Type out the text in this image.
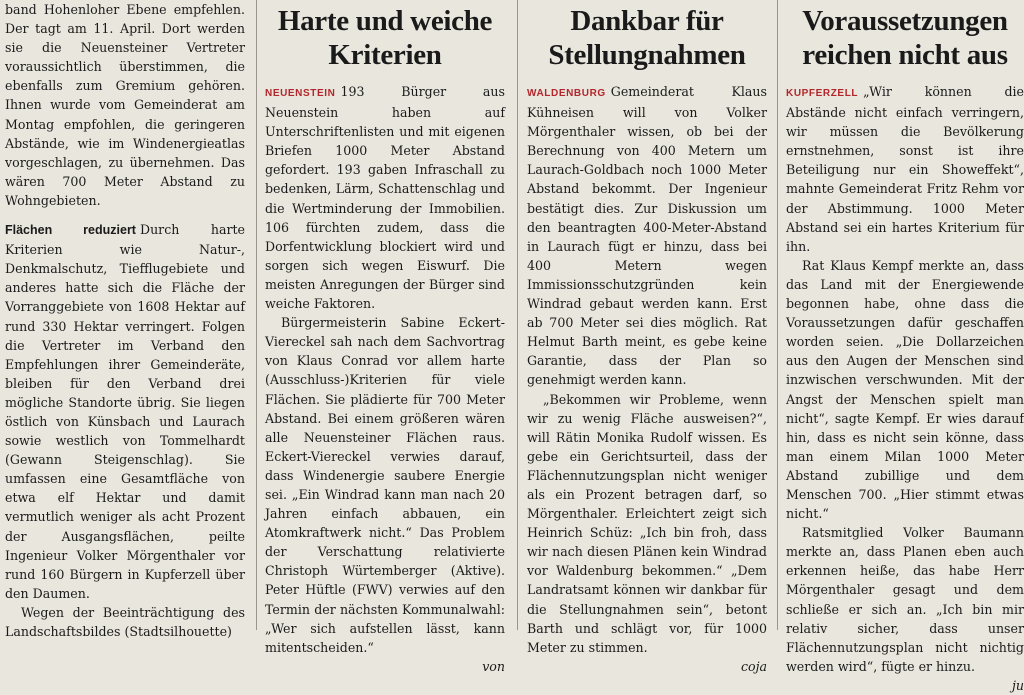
band Hohenloher Ebene empfehlen. Der tagt am 11. April. Dort werden sie die Neuensteiner Vertreter voraussichtlich überstimmen, die ebenfalls zum Gremium gehören. Ihnen wurde vom Gemeinderat am Montag empfohlen, die geringeren Abstände, wie im Windenergieatlas vorgeschlagen, zu übernehmen. Das wären 700 Meter Abstand zu Wohngebieten.

Flächen reduziert Durch harte Kriterien wie Natur-, Denkmalschutz, Tiefflugebiete und anderes hatte sich die Fläche der Vorranggebiete von 1608 Hektar auf rund 330 Hektar verringert. Folgen die Vertreter im Verband den Empfehlungen ihrer Gemeinderäte, bleiben für den Verband drei mögliche Standorte übrig. Sie liegen östlich von Künsbach und Laurach sowie westlich von Tommelhardt (Gewann Steigenschlag). Sie umfassen eine Gesamtfläche von etwa elf Hektar und damit vermutlich weniger als acht Prozent der Ausgangsflächen, peilte Ingenieur Volker Mörgenthaler vor rund 160 Bürgern in Kupferzell über den Daumen.

Wegen der Beeinträchtigung des Landschaftsbildes (Stadtsilhouette)

Harte und weiche
Kriterien

NEUENSTEIN 193 Bürger aus Neuenstein haben auf Unterschriftenlisten und mit eigenen Briefen 1000 Meter Abstand gefordert. 193 gaben Infraschall zu bedenken, Lärm, Schattenschlag und die Wertminderung der Immobilien. 106 fürchten zudem, dass die Dorfentwicklung blockiert wird und sorgen sich wegen Eiswurf. Die meisten Anregungen der Bürger sind weiche Faktoren.

Bürgermeisterin Sabine Eckert-Viereckel sah nach dem Sachvortrag von Klaus Conrad vor allem harte (Ausschluss-)Kriterien für viele Flächen. Sie plädierte für 700 Meter Abstand. Bei einem größeren wären alle Neuensteiner Flächen raus. Eckert-Viereckel verwies darauf, dass Windenergie saubere Energie sei. „Ein Windrad kann man nach 20 Jahren einfach abbauen, ein Atomkraftwerk nicht.“ Das Problem der Verschattung relativierte Christoph Würtemberger (Aktive). Peter Hüftle (FWV) verwies auf den Termin der nächsten Kommunalwahl: „Wer sich aufstellen lässt, kann mitentscheiden.“

von
Dankbar für
Stellungnahmen

WALDENBURG Gemeinderat Klaus Kühneisen will von Volker Mörgenthaler wissen, ob bei der Berechnung von 400 Metern um Laurach-Goldbach noch 1000 Meter Abstand bekommt. Der Ingenieur bestätigt dies. Zur Diskussion um den beantragten 400-Meter-Abstand in Laurach fügt er hinzu, dass bei 400 Metern wegen Immissionsschutzgründen kein Windrad gebaut werden kann. Erst ab 700 Meter sei dies möglich. Rat Helmut Barth meint, es gebe keine Garantie, dass der Plan so genehmigt werden kann.

„Bekommen wir Probleme, wenn wir zu wenig Fläche ausweisen?“, will Rätin Monika Rudolf wissen. Es gebe ein Gerichtsurteil, dass der Flächennutzungsplan nicht weniger als ein Prozent betragen darf, so Mörgenthaler. Erleichtert zeigt sich Heinrich Schüz: „Ich bin froh, dass wir nach diesen Plänen kein Windrad vor Waldenburg bekommen.“ „Dem Landratsamt können wir dankbar für die Stellungnahmen sein“, betont Barth und schlägt vor, für 1000 Meter zu stimmen.

coja
Voraussetzungen
reichen nicht aus

KUPFERZELL „Wir können die Abstände nicht einfach verringern, wir müssen die Bevölkerung ernstnehmen, sonst ist ihre Beteiligung nur ein Showeffekt“, mahnte Gemeinderat Fritz Rehm vor der Abstimmung. 1000 Meter Abstand sei ein hartes Kriterium für ihn.

Rat Klaus Kempf merkte an, dass das Land mit der Energiewende begonnen habe, ohne dass die Voraussetzungen dafür geschaffen worden seien. „Die Dollarzeichen aus den Augen der Menschen sind inzwischen verschwunden. Mit der Angst der Menschen spielt man nicht“, sagte Kempf. Er wies darauf hin, dass es nicht sein könne, dass man einem Milan 1000 Meter Abstand zubillige und dem Menschen 700. „Hier stimmt etwas nicht.“

Ratsmitglied Volker Baumann merkte an, dass Planen eben auch erkennen heiße, das habe Herr Mörgenthaler gesagt und dem schließe er sich an. „Ich bin mir relativ sicher, dass unser Flächennutzungsplan nicht nichtig werden wird“, fügte er hinzu.

ju
